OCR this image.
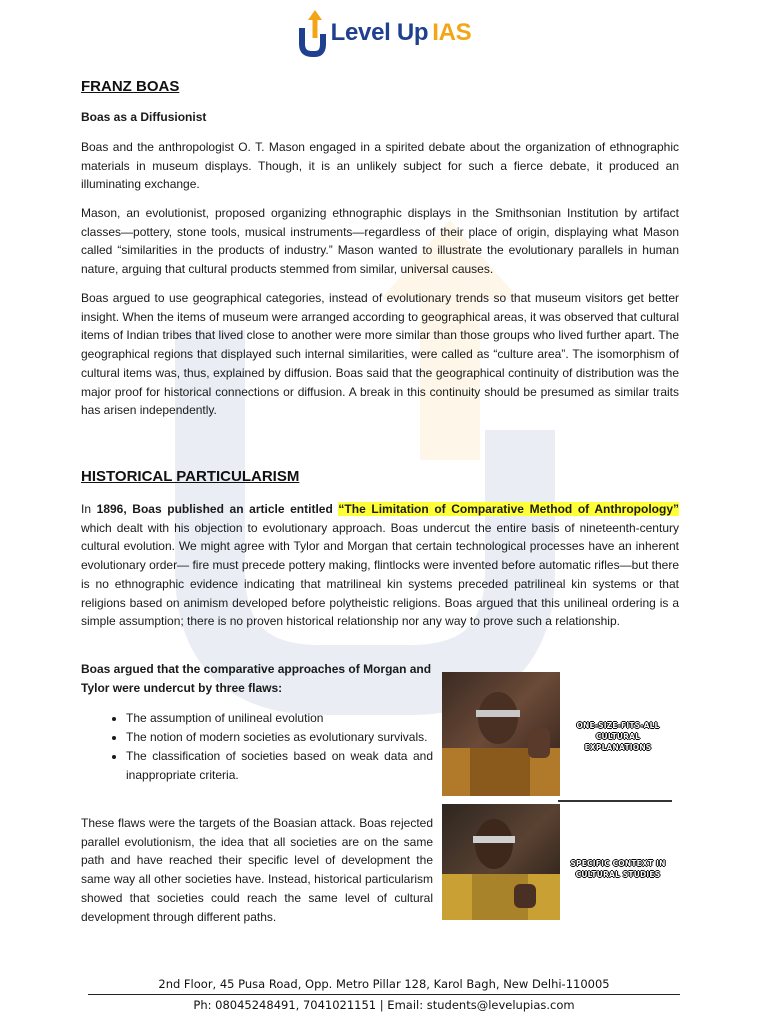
Level Up IAS
FRANZ BOAS
Boas as a Diffusionist

Boas and the anthropologist O. T. Mason engaged in a spirited debate about the organization of ethnographic materials in museum displays. Though, it is an unlikely subject for such a fierce debate, it produced an illuminating exchange.

Mason, an evolutionist, proposed organizing ethnographic displays in the Smithsonian Institution by artifact classes—pottery, stone tools, musical instruments—regardless of their place of origin, displaying what Mason called “similarities in the products of industry.” Mason wanted to illustrate the evolutionary parallels in human nature, arguing that cultural products stemmed from similar, universal causes.

Boas argued to use geographical categories, instead of evolutionary trends so that museum visitors get better insight. When the items of museum were arranged according to geographical areas, it was observed that cultural items of Indian tribes that lived close to another were more similar than those groups who lived further apart. The geographical regions that displayed such internal similarities, were called as “culture area”. The isomorphism of cultural items was, thus, explained by diffusion. Boas said that the geographical continuity of distribution was the major proof for historical connections or diffusion. A break in this continuity should be presumed as similar traits has arisen independently.

HISTORICAL PARTICULARISM

In 1896, Boas published an article entitled “The Limitation of Comparative Method of Anthropology” which dealt with his objection to evolutionary approach. Boas undercut the entire basis of nineteenth-century cultural evolution. We might agree with Tylor and Morgan that certain technological processes have an inherent evolutionary order— fire must precede pottery making, flintlocks were invented before automatic rifles—but there is no ethnographic evidence indicating that matrilineal kin systems preceded patrilineal kin systems or that religions based on animism developed before polytheistic religions. Boas argued that this unilineal ordering is a simple assumption; there is no proven historical relationship nor any way to prove such a relationship.

Boas argued that the comparative approaches of Morgan and Tylor were undercut by three flaws:

• The assumption of unilineal evolution
• The notion of modern societies as evolutionary survivals.
• The classification of societies based on weak data and inappropriate criteria.

These flaws were the targets of the Boasian attack. Boas rejected parallel evolutionism, the idea that all societies are on the same path and have reached their specific level of development the same way all other societies have. Instead, historical particularism showed that societies could reach the same level of cultural development through different paths.

ONE-SIZE-FITS-ALL CULTURAL EXPLANATIONS
SPECIFIC CONTEXT IN CULTURAL STUDIES
2nd Floor, 45 Pusa Road, Opp. Metro Pillar 128, Karol Bagh, New Delhi-110005
Ph: 08045248491, 7041021151 | Email: students@levelupias.com
